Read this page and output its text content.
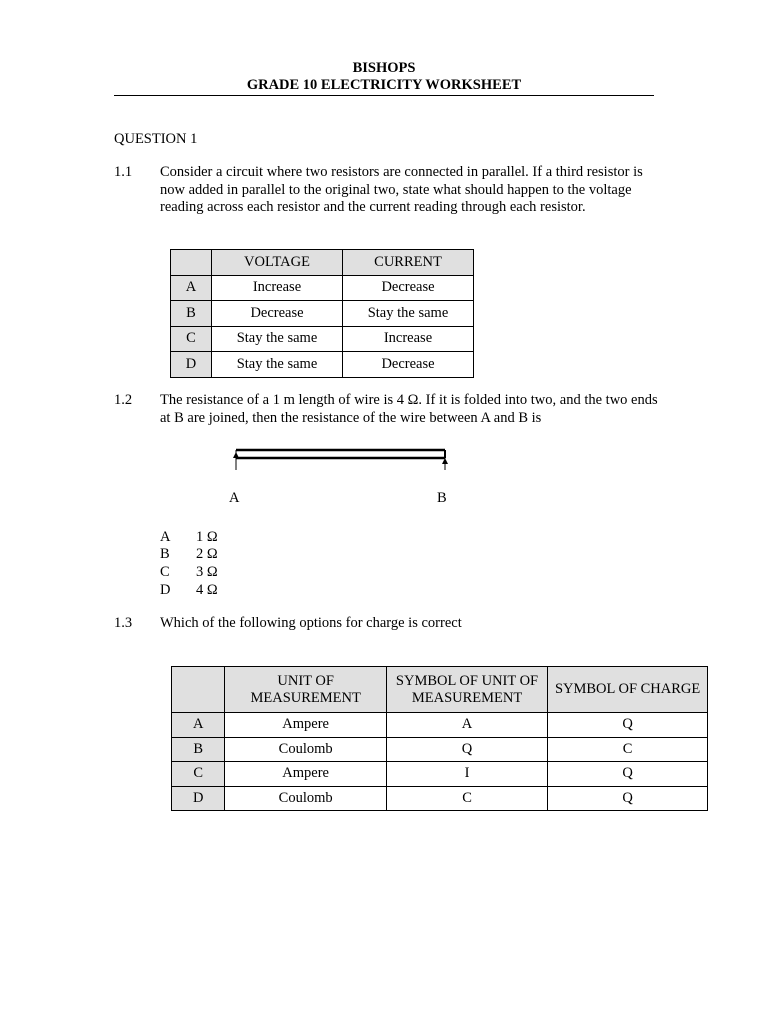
BISHOPS
GRADE 10 ELECTRICITY WORKSHEET
QUESTION 1
1.1 Consider a circuit where two resistors are connected in parallel. If a third resistor is now added in parallel to the original two, state what should happen to the voltage reading across each resistor and the current reading through each resistor.
	VOLTAGE	CURRENT
A	Increase	Decrease
B	Decrease	Stay the same
C	Stay the same	Increase
D	Stay the same	Decrease
1.2 The resistance of a 1 m length of wire is 4 Ω. If it is folded into two, and the two ends at B are joined, then the resistance of the wire between A and B is
A	B
A 1 Ω
B 2 Ω
C 3 Ω
D 4 Ω
1.3 Which of the following options for charge is correct
	UNIT OF MEASUREMENT	SYMBOL OF UNIT OF MEASUREMENT	SYMBOL OF CHARGE
A	Ampere	A	Q
B	Coulomb	Q	C
C	Ampere	I	Q
D	Coulomb	C	Q
